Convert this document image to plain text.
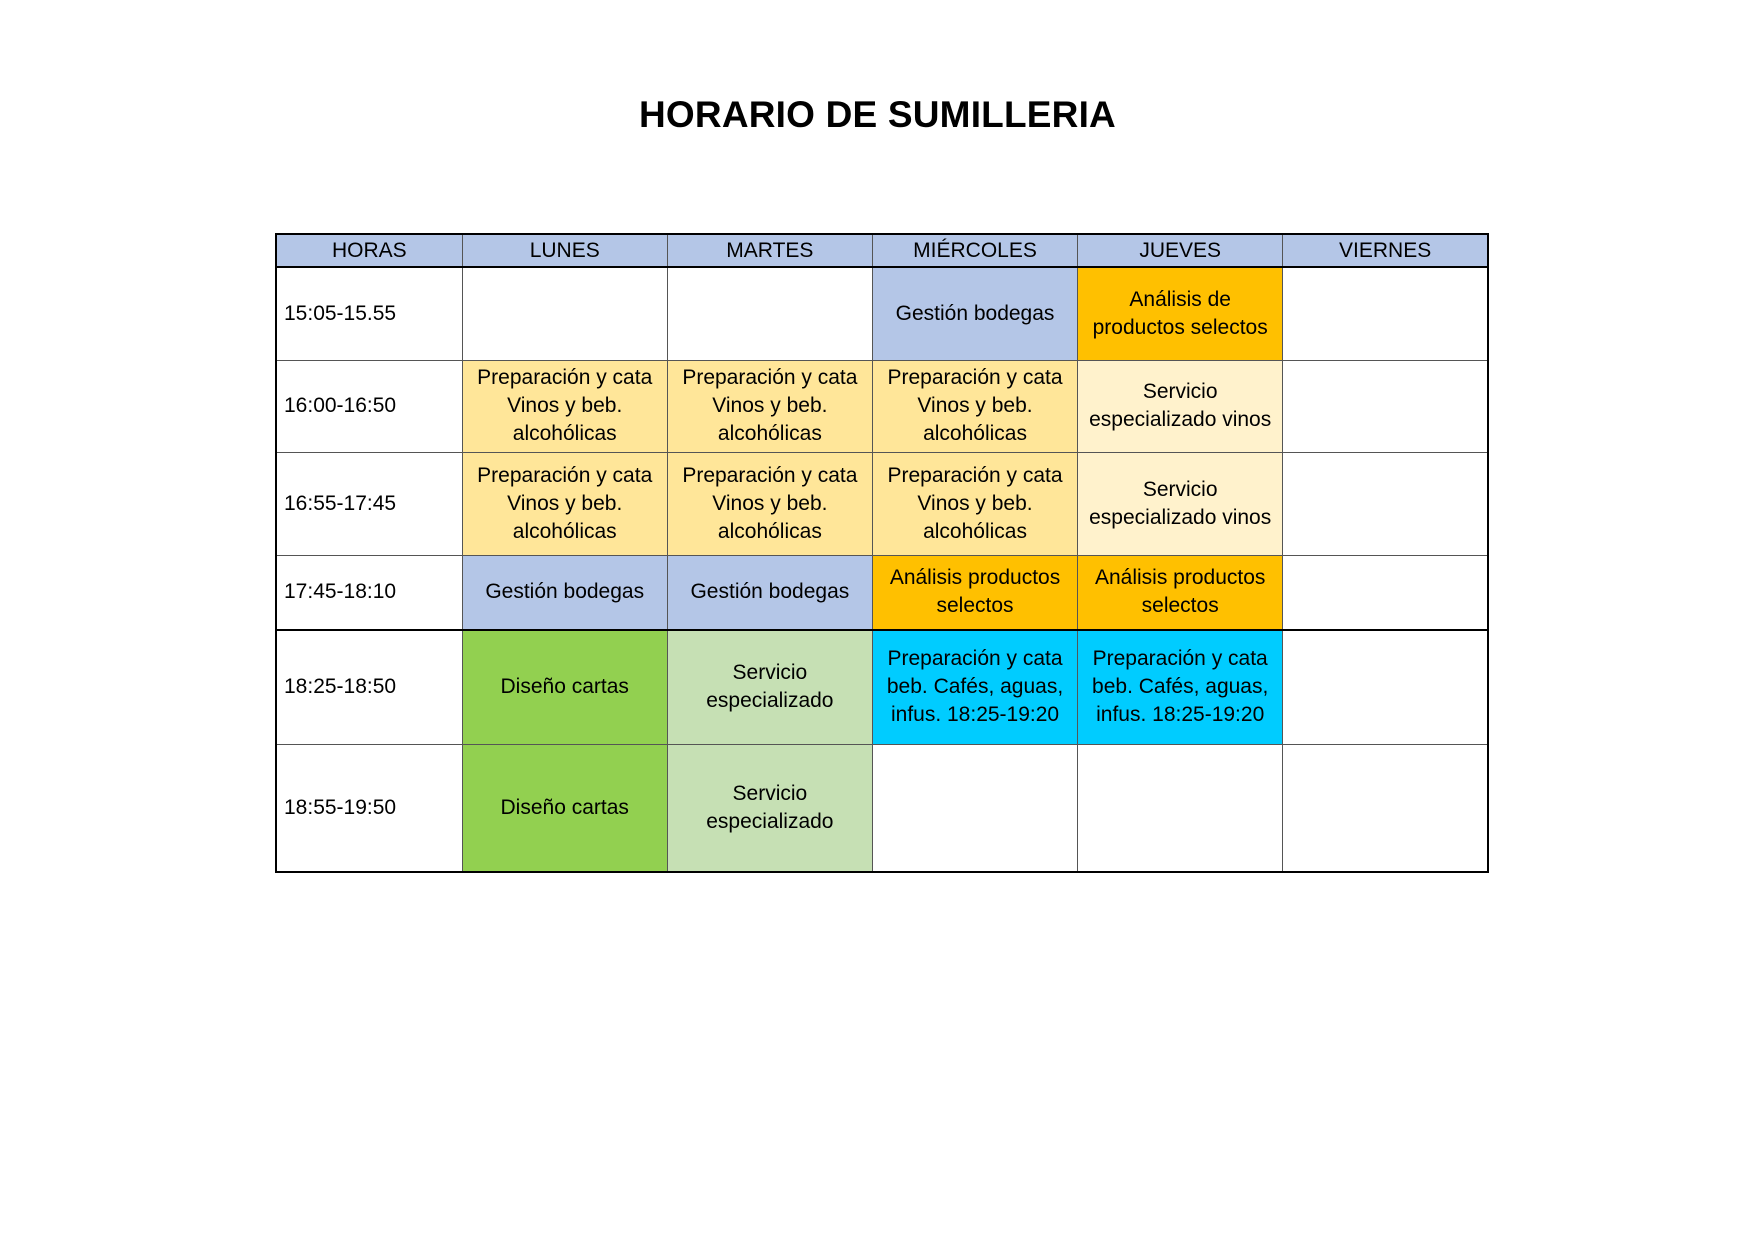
HORARIO DE SUMILLERIA
HORAS	LUNES	MARTES	MIÉRCOLES	JUEVES	VIERNES
15:05-15.55			Gestión bodegas	Análisis de productos selectos	
16:00-16:50	Preparación y cata Vinos y beb. alcohólicas	Preparación y cata Vinos y beb. alcohólicas	Preparación y cata Vinos y beb. alcohólicas	Servicio especializado vinos	
16:55-17:45	Preparación y cata Vinos y beb. alcohólicas	Preparación y cata Vinos y beb. alcohólicas	Preparación y cata Vinos y beb. alcohólicas	Servicio especializado vinos	
17:45-18:10	Gestión bodegas	Gestión bodegas	Análisis productos selectos	Análisis productos selectos	
18:25-18:50	Diseño cartas	Servicio especializado	Preparación y cata beb. Cafés, aguas, infus. 18:25-19:20	Preparación y cata beb. Cafés, aguas, infus. 18:25-19:20	
18:55-19:50	Diseño cartas	Servicio especializado			
